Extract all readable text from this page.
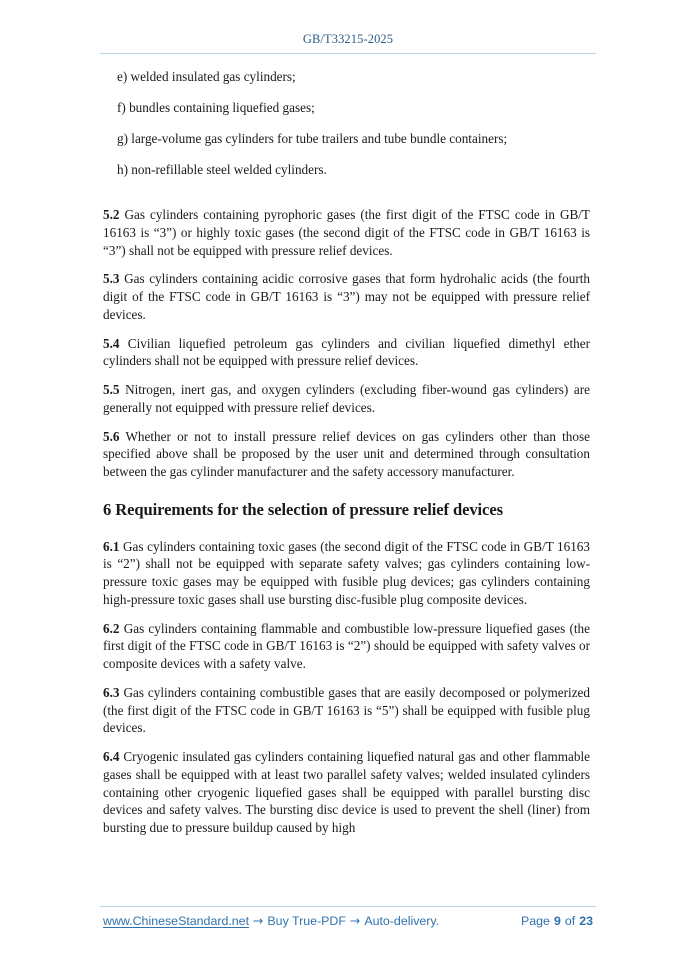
GB/T33215-2025
e) welded insulated gas cylinders;
f) bundles containing liquefied gases;
g) large-volume gas cylinders for tube trailers and tube bundle containers;
h) non-refillable steel welded cylinders.

5.2 Gas cylinders containing pyrophoric gases (the first digit of the FTSC code in GB/T 16163 is “3”) or highly toxic gases (the second digit of the FTSC code in GB/T 16163 is “3”) shall not be equipped with pressure relief devices.

5.3 Gas cylinders containing acidic corrosive gases that form hydrohalic acids (the fourth digit of the FTSC code in GB/T 16163 is “3”) may not be equipped with pressure relief devices.

5.4 Civilian liquefied petroleum gas cylinders and civilian liquefied dimethyl ether cylinders shall not be equipped with pressure relief devices.

5.5 Nitrogen, inert gas, and oxygen cylinders (excluding fiber-wound gas cylinders) are generally not equipped with pressure relief devices.

5.6 Whether or not to install pressure relief devices on gas cylinders other than those specified above shall be proposed by the user unit and determined through consultation between the gas cylinder manufacturer and the safety accessory manufacturer.

6 Requirements for the selection of pressure relief devices

6.1 Gas cylinders containing toxic gases (the second digit of the FTSC code in GB/T 16163 is “2”) shall not be equipped with separate safety valves; gas cylinders containing low-pressure toxic gases may be equipped with fusible plug devices; gas cylinders containing high-pressure toxic gases shall use bursting disc-fusible plug composite devices.

6.2 Gas cylinders containing flammable and combustible low-pressure liquefied gases (the first digit of the FTSC code in GB/T 16163 is “2”) should be equipped with safety valves or composite devices with a safety valve.

6.3 Gas cylinders containing combustible gases that are easily decomposed or polymerized (the first digit of the FTSC code in GB/T 16163 is “5”) shall be equipped with fusible plug devices.

6.4 Cryogenic insulated gas cylinders containing liquefied natural gas and other flammable gases shall be equipped with at least two parallel safety valves; welded insulated cylinders containing other cryogenic liquefied gases shall be equipped with parallel bursting disc devices and safety valves. The bursting disc device is used to prevent the shell (liner) from bursting due to pressure buildup caused by high

www.ChineseStandard.net → Buy True-PDF → Auto-delivery.	Page 9 of 23
